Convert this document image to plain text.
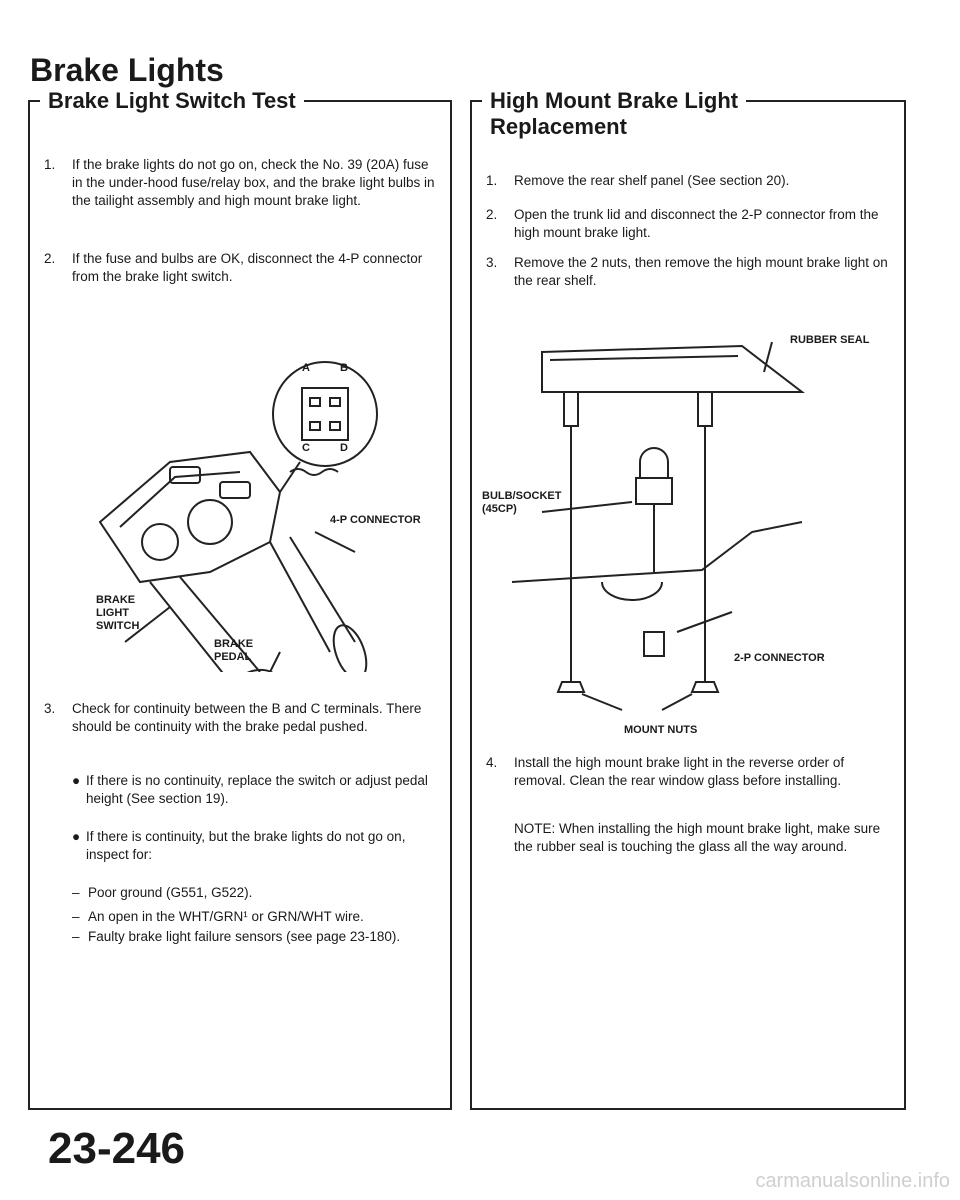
Brake Lights
Brake Light Switch Test
1.	If the brake lights do not go on, check the No. 39 (20A) fuse in the under-hood fuse/relay box, and the brake light bulbs in the tailight assembly and high mount brake light.
2.	If the fuse and bulbs are OK, disconnect the 4-P connector from the brake light switch.
A	B
C	D
4-P CONNECTOR
BRAKE
LIGHT
SWITCH
BRAKE
PEDAL
3.	Check for continuity between the B and C terminals. There should be continuity with the brake pedal pushed.
● If there is no continuity, replace the switch or adjust pedal height (See section 19).
● If there is continuity, but the brake lights do not go on, inspect for:
– Poor ground (G551, G522).
– An open in the WHT/GRN¹ or GRN/WHT wire.
– Faulty brake light failure sensors (see page 23-180).
High Mount Brake Light
Replacement
1.	Remove the rear shelf panel (See section 20).
2.	Open the trunk lid and disconnect the 2-P connector from the high mount brake light.
3.	Remove the 2 nuts, then remove the high mount brake light on the rear shelf.
RUBBER SEAL
BULB/SOCKET
(45CP)
2-P CONNECTOR
MOUNT NUTS
4.	Install the high mount brake light in the reverse order of removal. Clean the rear window glass before installing.
NOTE: When installing the high mount brake light, make sure the rubber seal is touching the glass all the way around.
23-246
carmanualsonline.info
